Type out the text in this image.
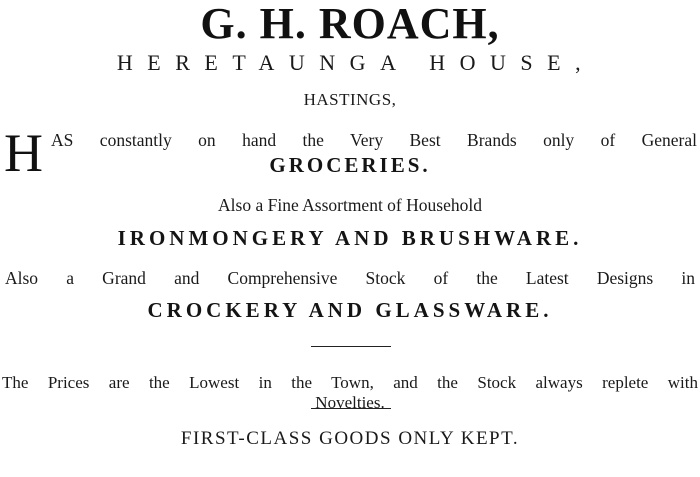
G. H. ROACH,
HERETAUNGA HOUSE,
HASTINGS,
H AS constantly on hand the Very Best Brands only of General
GROCERIES.
Also a Fine Assortment of Household
IRONMONGERY AND BRUSHWARE.
Also a Grand and Comprehensive Stock of the Latest Designs in
CROCKERY AND GLASSWARE.
The Prices are the Lowest in the Town, and the Stock always replete with
Novelties.
FIRST-CLASS GOODS ONLY KEPT.
